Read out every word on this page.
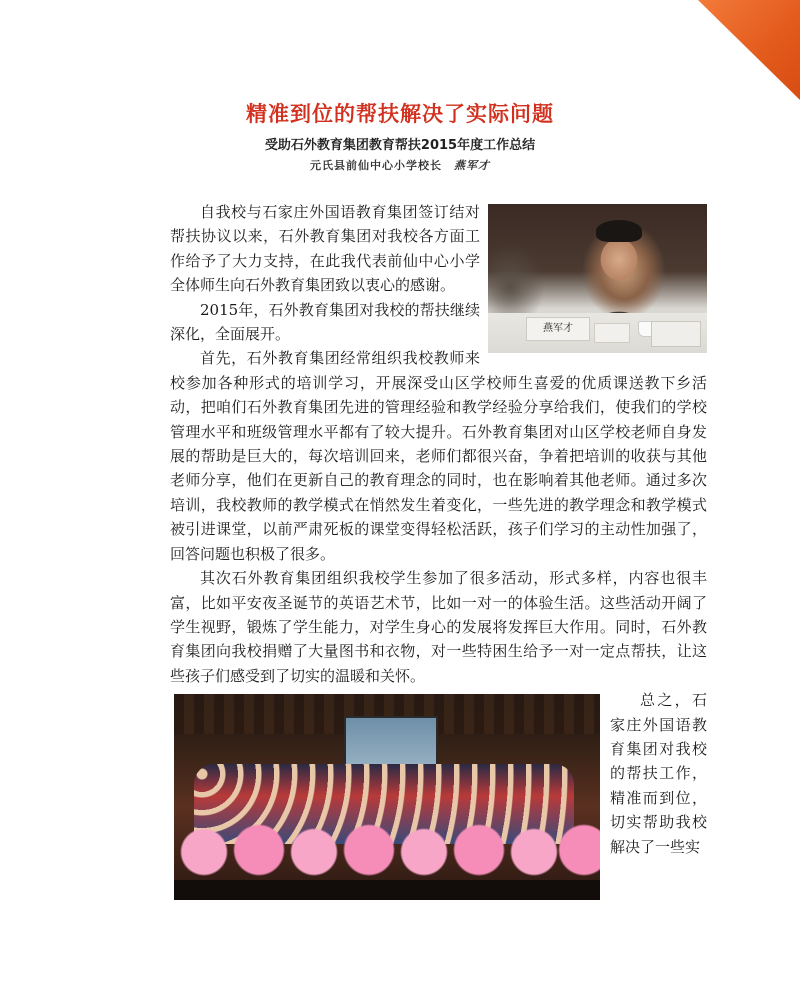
精准到位的帮扶解决了实际问题
受助石外教育集团教育帮扶2015年度工作总结
元氏县前仙中心小学校长 燕军才
燕军才

自我校与石家庄外国语教育集团签订结对帮扶协议以来，石外教育集团对我校各方面工作给予了大力支持，在此我代表前仙中心小学全体师生向石外教育集团致以衷心的感谢。

2015年，石外教育集团对我校的帮扶继续深化，全面展开。

首先，石外教育集团经常组织我校教师来校参加各种形式的培训学习，开展深受山区学校师生喜爱的优质课送教下乡活动，把咱们石外教育集团先进的管理经验和教学经验分享给我们，使我们的学校管理水平和班级管理水平都有了较大提升。石外教育集团对山区学校老师自身发展的帮助是巨大的，每次培训回来，老师们都很兴奋，争着把培训的收获与其他老师分享，他们在更新自己的教育理念的同时，也在影响着其他老师。通过多次培训，我校教师的教学模式在悄然发生着变化，一些先进的教学理念和教学模式被引进课堂，以前严肃死板的课堂变得轻松活跃，孩子们学习的主动性加强了，回答问题也积极了很多。

其次石外教育集团组织我校学生参加了很多活动，形式多样，内容也很丰富，比如平安夜圣诞节的英语艺术节，比如一对一的体验生活。这些活动开阔了学生视野，锻炼了学生能力，对学生身心的发展将发挥巨大作用。同时，石外教育集团向我校捐赠了大量图书和衣物，对一些特困生给予一对一定点帮扶，让这些孩子们感受到了切实的温暖和关怀。

总之，石家庄外国语教育集团对我校的帮扶工作，精准而到位，切实帮助我校解决了一些实
